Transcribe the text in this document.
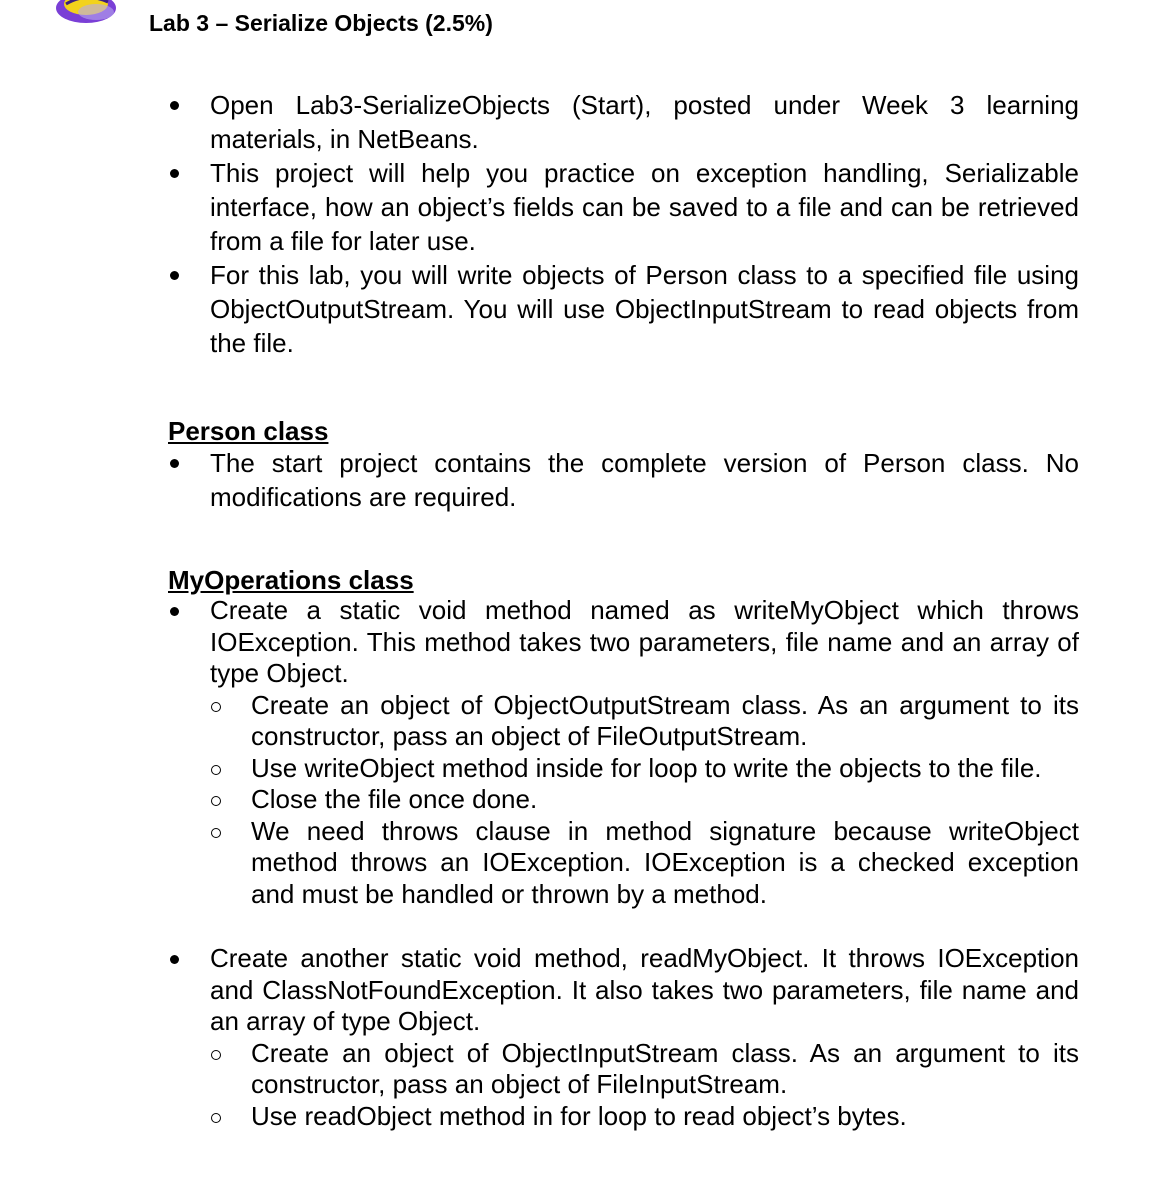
Lab 3 – Serialize Objects (2.5%)
Open Lab3-SerializeObjects (Start), posted under Week 3 learning materials, in NetBeans.
This project will help you practice on exception handling, Serializable interface, how an object’s fields can be saved to a file and can be retrieved from a file for later use.
For this lab, you will write objects of Person class to a specified file using ObjectOutputStream. You will use ObjectInputStream to read objects from the file.
Person class
The start project contains the complete version of Person class. No modifications are required.
MyOperations class
Create a static void method named as writeMyObject which throws IOException. This method takes two parameters, file name and an array of type Object.
Create an object of ObjectOutputStream class. As an argument to its constructor, pass an object of FileOutputStream.
Use writeObject method inside for loop to write the objects to the file.
Close the file once done.
We need throws clause in method signature because writeObject method throws an IOException. IOException is a checked exception and must be handled or thrown by a method.
Create another static void method, readMyObject. It throws IOException and ClassNotFoundException. It also takes two parameters, file name and an array of type Object.
Create an object of ObjectInputStream class. As an argument to its constructor, pass an object of FileInputStream.
Use readObject method in for loop to read object’s bytes.
